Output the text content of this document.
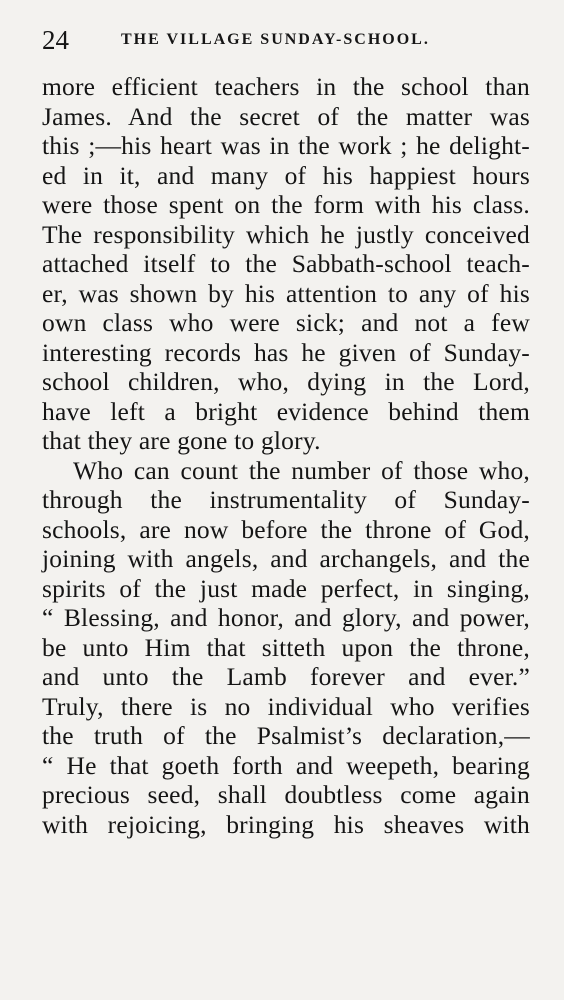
24	THE VILLAGE SUNDAY-SCHOOL.

more efficient teachers in the school than
James. And the secret of the matter was
this ;—his heart was in the work ; he delight-
ed in it, and many of his happiest hours
were those spent on the form with his class.
The responsibility which he justly conceived
attached itself to the Sabbath-school teach-
er, was shown by his attention to any of his
own class who were sick; and not a few
interesting records has he given of Sunday-
school children, who, dying in the Lord,
have left a bright evidence behind them
that they are gone to glory.

Who can count the number of those who,
through the instrumentality of Sunday-
schools, are now before the throne of God,
joining with angels, and archangels, and the
spirits of the just made perfect, in singing,
“ Blessing, and honor, and glory, and power,
be unto Him that sitteth upon the throne,
and unto the Lamb forever and ever.”
Truly, there is no individual who verifies
the truth of the Psalmist’s declaration,—
“ He that goeth forth and weepeth, bearing
precious seed, shall doubtless come again
with rejoicing, bringing his sheaves with
